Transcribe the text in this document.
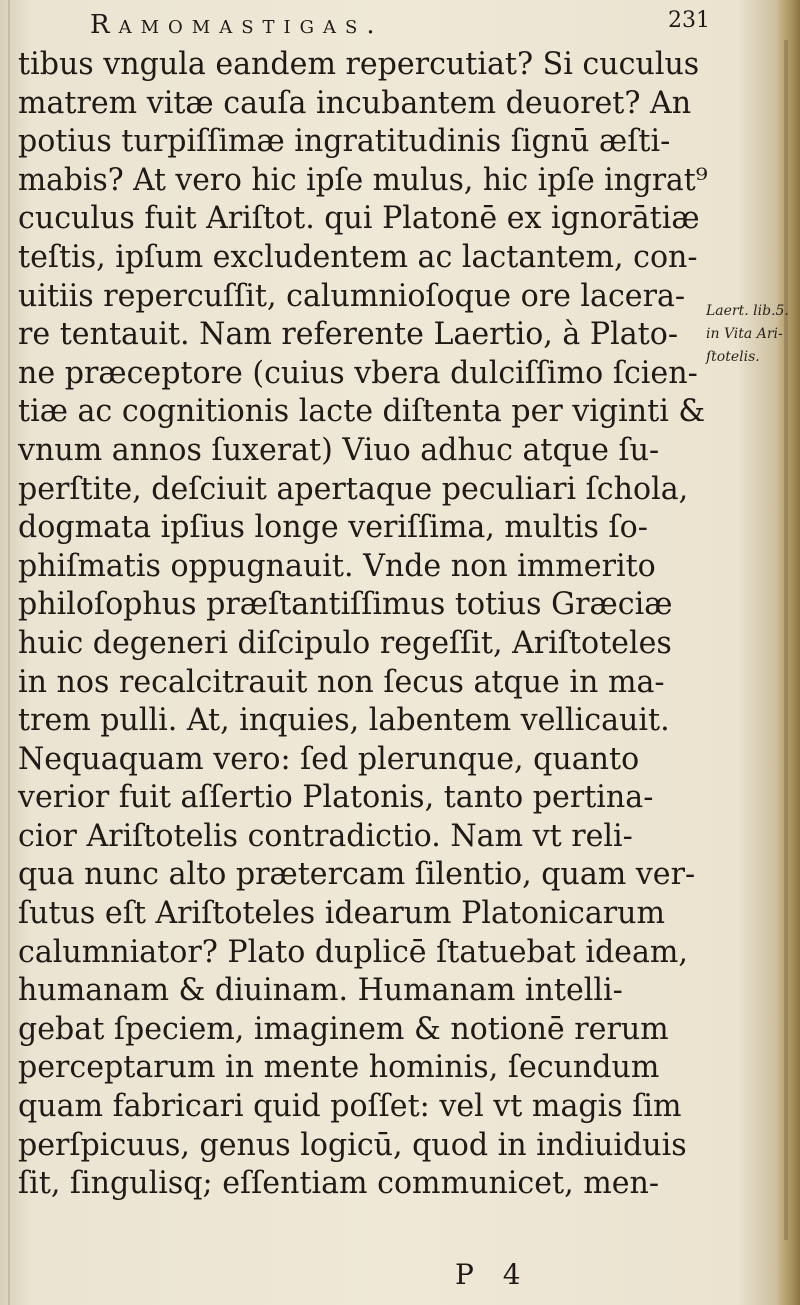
Ramomastigas.	231
tibus vngula eandem repercutiat? Si cuculus
matrem vitæ cauſa incubantem deuoret? An
potius turpiſſimæ ingratitudinis ſignū æſti-
mabis? At vero hic ipſe mulus, hic ipſe ingrat⁹
cuculus fuit Ariſtot. qui Platonē ex ignorātiæ
teſtis, ipſum excludentem ac lactantem, con-
uitiis repercuſſit, calumnioſoque ore lacera-
re tentauit. Nam referente Laertio, à Plato-
ne præceptore (cuius vbera dulciſſimo ſcien-
tiæ ac cognitionis lacte diſtenta per viginti &
vnum annos ſuxerat) Viuo adhuc atque ſu-
perſtite, deſciuit apertaque peculiari ſchola,
dogmata ipſius longe veriſſima, multis ſo-
phiſmatis oppugnauit. Vnde non immerito
philoſophus præſtantiſſimus totius Græciæ
huic degeneri diſcipulo regeſſit, Ariſtoteles
in nos recalcitrauit non ſecus atque in ma-
trem pulli. At, inquies, labentem vellicauit.
Nequaquam vero: ſed plerunque, quanto
verior fuit aſſertio Platonis, tanto pertina-
cior Ariſtotelis contradictio. Nam vt reli-
qua nunc alto prætercam ſilentio, quam ver-
ſutus eſt Ariſtoteles idearum Platonicarum
calumniator? Plato duplicē ſtatuebat ideam,
humanam & diuinam. Humanam intelli-
gebat ſpeciem, imaginem & notionē rerum
perceptarum in mente hominis, ſecundum
quam fabricari quid poſſet: vel vt magis ſim
perſpicuus, genus logicū, quod in indiuiduis
ſit, ſingulisq; eſſentiam communicet, men-
Laert. lib.5.
in Vita Ari-
ſtotelis.
P 4
